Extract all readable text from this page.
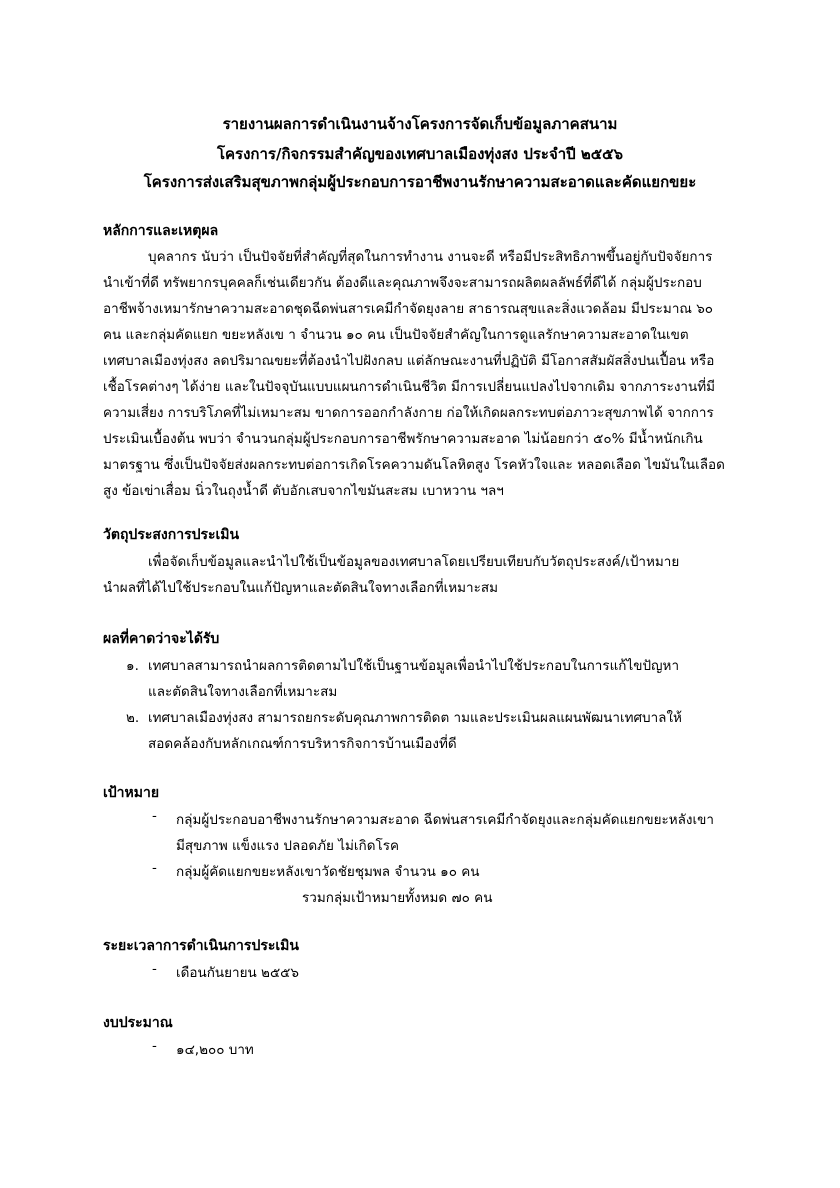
รายงานผลการดำเนินงานจ้างโครงการจัดเก็บข้อมูลภาคสนาม
โครงการ/กิจกรรมสำคัญของเทศบาลเมืองทุ่งสง ประจำปี ๒๕๕๖
โครงการส่งเสริมสุขภาพกลุ่มผู้ประกอบการอาชีพงานรักษาความสะอาดและคัดแยกขยะ
หลักการและเหตุผล
บุคลากร นับว่า เป็นปัจจัยที่สำคัญที่สุดในการทำงาน งานจะดี หรือมีประสิทธิภาพขึ้นอยู่กับปัจจัยการ
นำเข้าที่ดี ทรัพยากรบุคคลก็เช่นเดียวกัน ต้องดีและคุณภาพจึงจะสามารถผลิตผลลัพธ์ที่ดีได้ กลุ่มผู้ประกอบ
อาชีพจ้างเหมารักษาความสะอาดชุดฉีดพ่นสารเคมีกำจัดยุงลาย สาธารณสุขและสิ่งแวดล้อม มีประมาณ ๖๐
คน และกลุ่มคัดแยก ขยะหลังเข า จำนวน ๑๐ คน เป็นปัจจัยสำคัญในการดูแลรักษาความสะอาดในเขต
เทศบาลเมืองทุ่งสง ลดปริมาณขยะที่ต้องนำไปฝังกลบ แต่ลักษณะงานที่ปฏิบัติ มีโอกาสสัมผัสสิ่งปนเปื้อน หรือ
เชื้อโรคต่างๆ ได้ง่าย และในปัจจุบันแบบแผนการดำเนินชีวิต มีการเปลี่ยนแปลงไปจากเดิม จากภาระงานที่มี
ความเสี่ยง การบริโภคที่ไม่เหมาะสม ขาดการออกกำลังกาย ก่อให้เกิดผลกระทบต่อภาวะสุขภาพได้ จากการ
ประเมินเบื้องต้น พบว่า จำนวนกลุ่มผู้ประกอบการอาชีพรักษาความสะอาด ไม่น้อยกว่า ๕๐% มีน้ำหนักเกิน
มาตรฐาน ซึ่งเป็นปัจจัยส่งผลกระทบต่อการเกิดโรคความดันโลหิตสูง โรคหัวใจและ หลอดเลือด ไขมันในเลือด
สูง ข้อเข่าเสื่อม นิ่วในถุงน้ำดี ตับอักเสบจากไขมันสะสม เบาหวาน ฯลฯ
วัตถุประสงการประเมิน
เพื่อจัดเก็บข้อมูลและนำไปใช้เป็นข้อมูลของเทศบาลโดยเปรียบเทียบกับวัตถุประสงค์/เป้าหมาย
นำผลที่ได้ไปใช้ประกอบในแก้ปัญหาและตัดสินใจทางเลือกที่เหมาะสม
ผลที่คาดว่าจะได้รับ
๑. เทศบาลสามารถนำผลการติดตามไปใช้เป็นฐานข้อมูลเพื่อนำไปใช้ประกอบในการแก้ไขปัญหา
และตัดสินใจทางเลือกที่เหมาะสม
๒. เทศบาลเมืองทุ่งสง สามารถยกระดับคุณภาพการติดต ามและประเมินผลแผนพัฒนาเทศบาลให้
สอดคล้องกับหลักเกณฑ์การบริหารกิจการบ้านเมืองที่ดี
เป้าหมาย
- กลุ่มผู้ประกอบอาชีพงานรักษาความสะอาด ฉีดพ่นสารเคมีกำจัดยุงและกลุ่มคัดแยกขยะหลังเขา
มีสุขภาพ แข็งแรง ปลอดภัย ไม่เกิดโรค
- กลุ่มผู้คัดแยกขยะหลังเขาวัดชัยชุมพล จำนวน ๑๐ คน
รวมกลุ่มเป้าหมายทั้งหมด ๗๐ คน
ระยะเวลาการดำเนินการประเมิน
- เดือนกันยายน ๒๕๕๖
งบประมาณ
- ๑๔,๒๐๐ บาท
